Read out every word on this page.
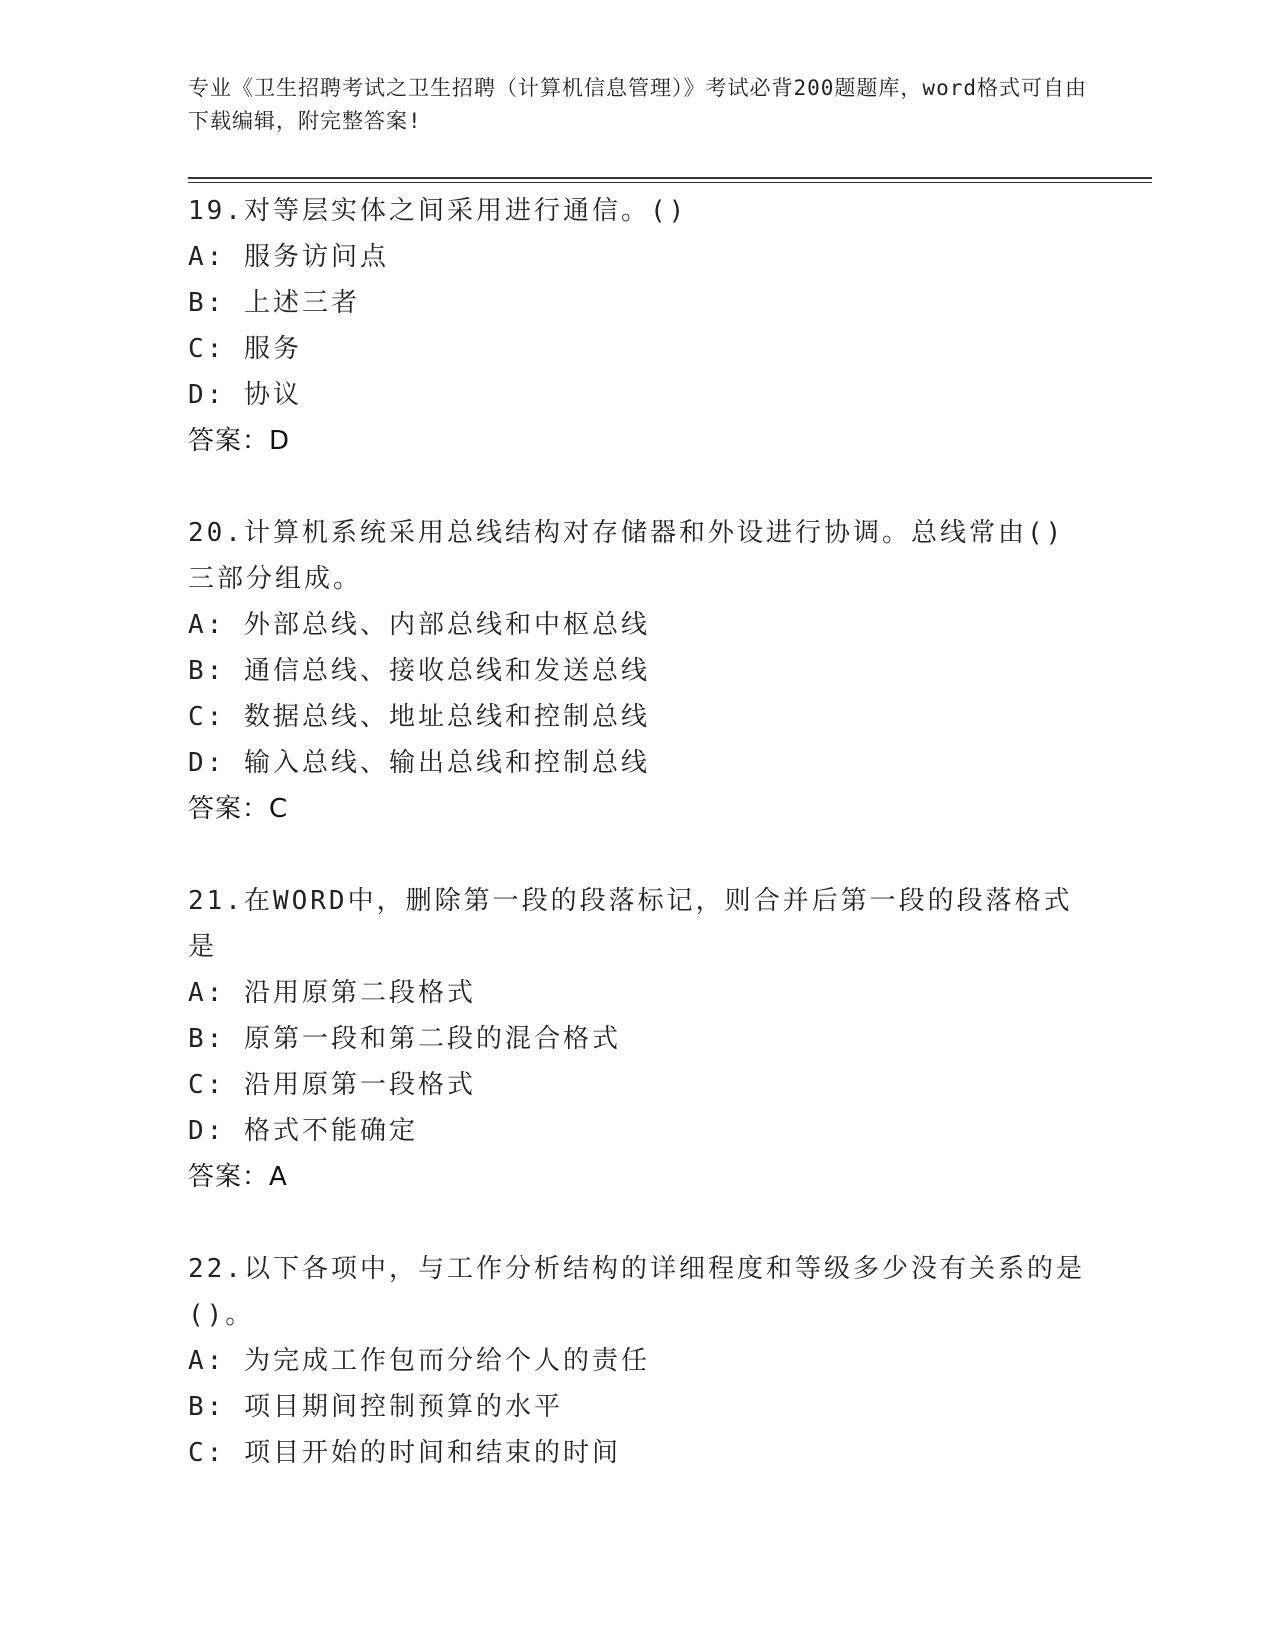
专业《卫生招聘考试之卫生招聘（计算机信息管理）》考试必背200题题库，word格式可自由下载编辑，附完整答案!
19.对等层实体之间采用进行通信。()
A: 服务访问点
B: 上述三者
C: 服务
D: 协议
答案：D
20.计算机系统采用总线结构对存储器和外设进行协调。总线常由()三部分组成。
A: 外部总线、内部总线和中枢总线
B: 通信总线、接收总线和发送总线
C: 数据总线、地址总线和控制总线
D: 输入总线、输出总线和控制总线
答案：C
21.在WORD中，删除第一段的段落标记，则合并后第一段的段落格式是
A: 沿用原第二段格式
B: 原第一段和第二段的混合格式
C: 沿用原第一段格式
D: 格式不能确定
答案：A
22.以下各项中，与工作分析结构的详细程度和等级多少没有关系的是()。
A: 为完成工作包而分给个人的责任
B: 项目期间控制预算的水平
C: 项目开始的时间和结束的时间
